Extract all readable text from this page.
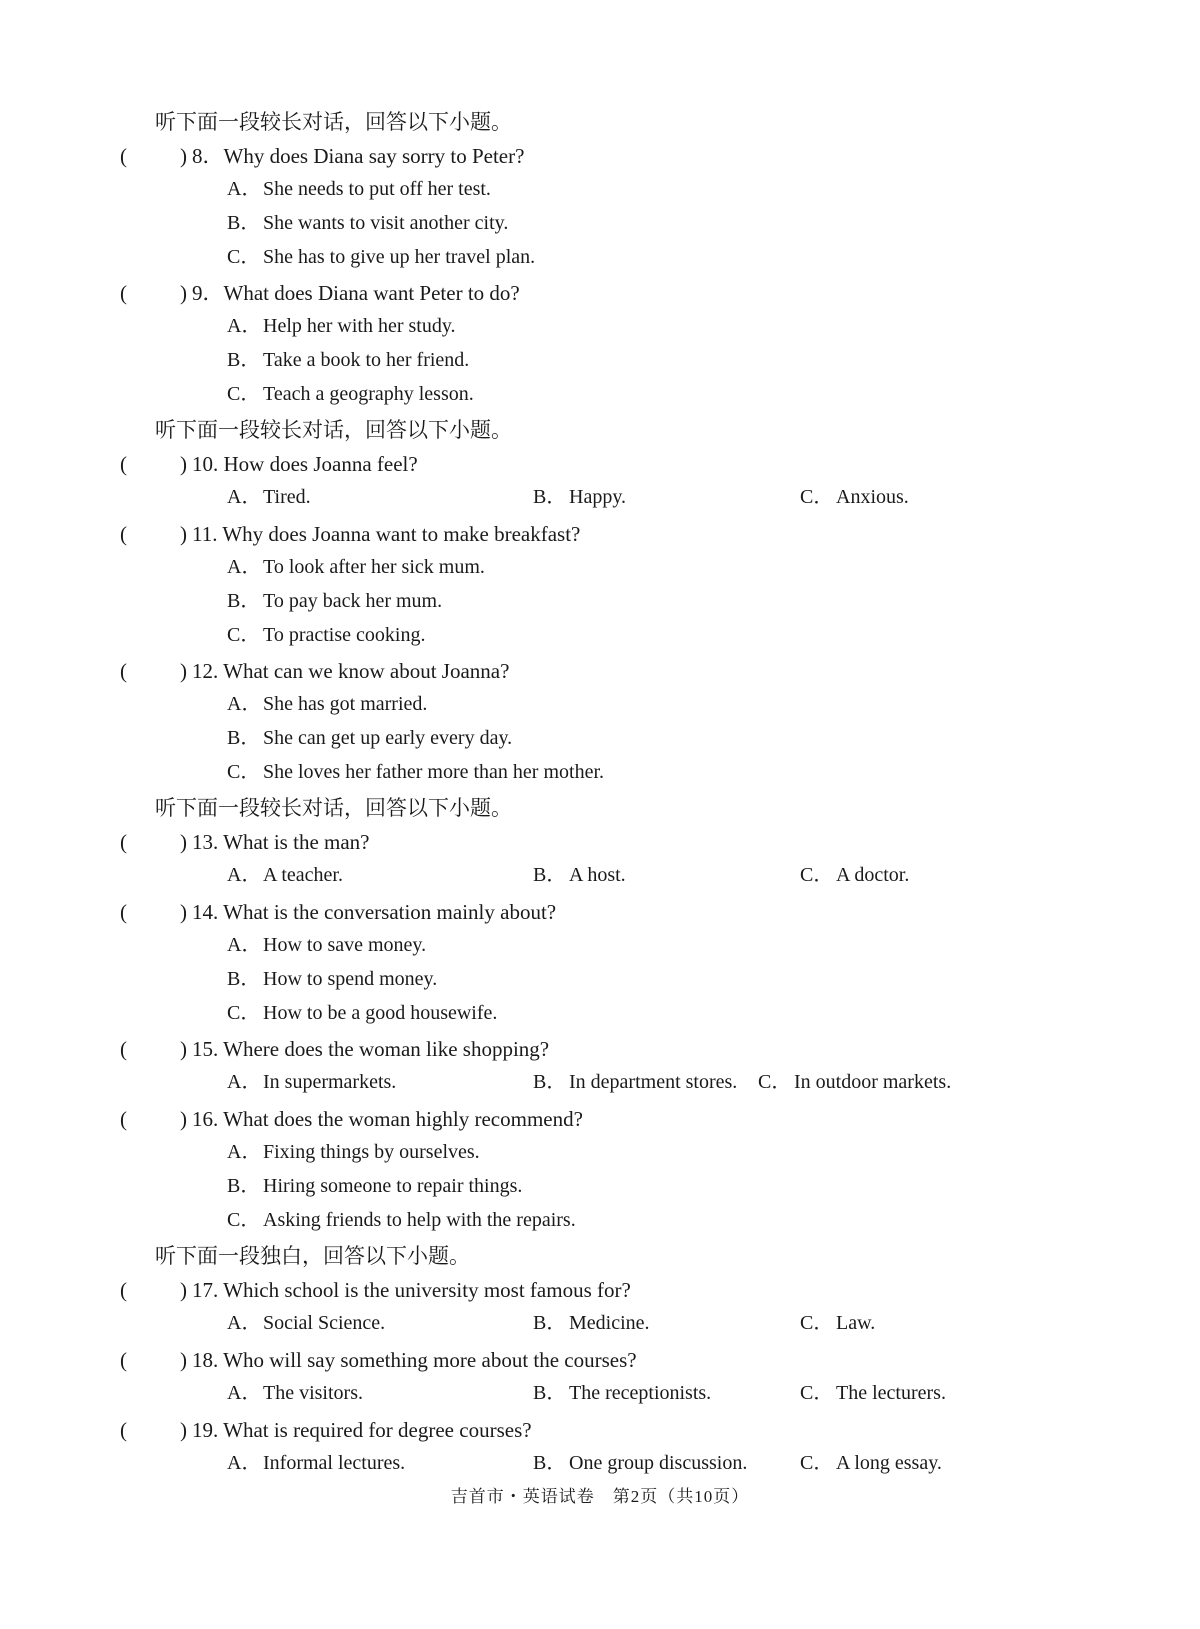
听下面一段较长对话，回答以下小题。
(	) 8．Why does Diana say sorry to Peter?
A．She needs to put off her test.
B． She wants to visit another city.
C． She has to give up her travel plan.
(	) 9．What does Diana want Peter to do?
A．Help her with her study.
B． Take a book to her friend.
C． Teach a geography lesson.
听下面一段较长对话，回答以下小题。
(	) 10. How does Joanna feel?
A．Tired.	B． Happy.	C． Anxious.
(	) 11. Why does Joanna want to make breakfast?
A．To look after her sick mum.
B． To pay back her mum.
C． To practise cooking.
(	) 12. What can we know about Joanna?
A．She has got married.
B． She can get up early every day.
C． She loves her father more than her mother.
听下面一段较长对话，回答以下小题。
(	) 13. What is the man?
A．A teacher.	B． A host.	C． A doctor.
(	) 14. What is the conversation mainly about?
A．How to save money.
B． How to spend money.
C． How to be a good housewife.
(	) 15. Where does the woman like shopping?
A．In supermarkets.	B． In department stores. C． In outdoor markets.
(	) 16. What does the woman highly recommend?
A．Fixing things by ourselves.
B． Hiring someone to repair things.
C． Asking friends to help with the repairs.
听下面一段独白，回答以下小题。
(	) 17. Which school is the university most famous for?
A．Social Science.	B． Medicine.	C． Law.
(	) 18. Who will say something more about the courses?
A．The visitors.	B． The receptionists.	C． The lecturers.
(	) 19. What is required for degree courses?
A．Informal lectures.	B． One group discussion.	C． A long essay.
吉首市・英语试卷　第2页（共10页）
